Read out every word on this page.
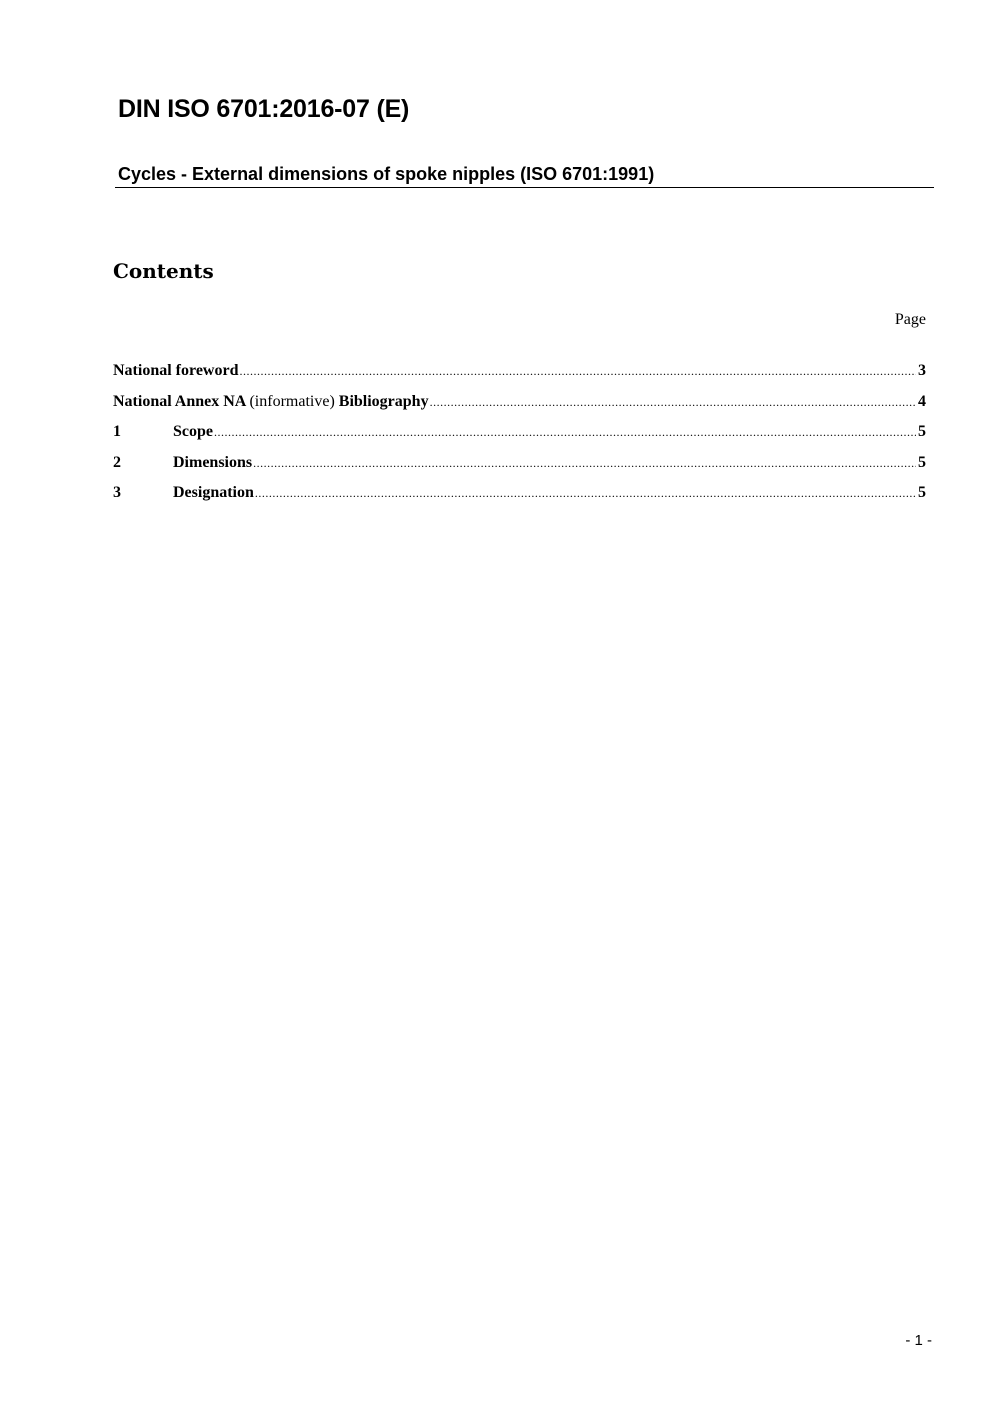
DIN ISO 6701:2016-07 (E)
Cycles - External dimensions of spoke nipples (ISO 6701:1991)
Contents
Page
National foreword .....	3
National Annex NA (informative) Bibliography .....	4
1	Scope .....	5
2	Dimensions .....	5
3	Designation .....	5
- 1 -
